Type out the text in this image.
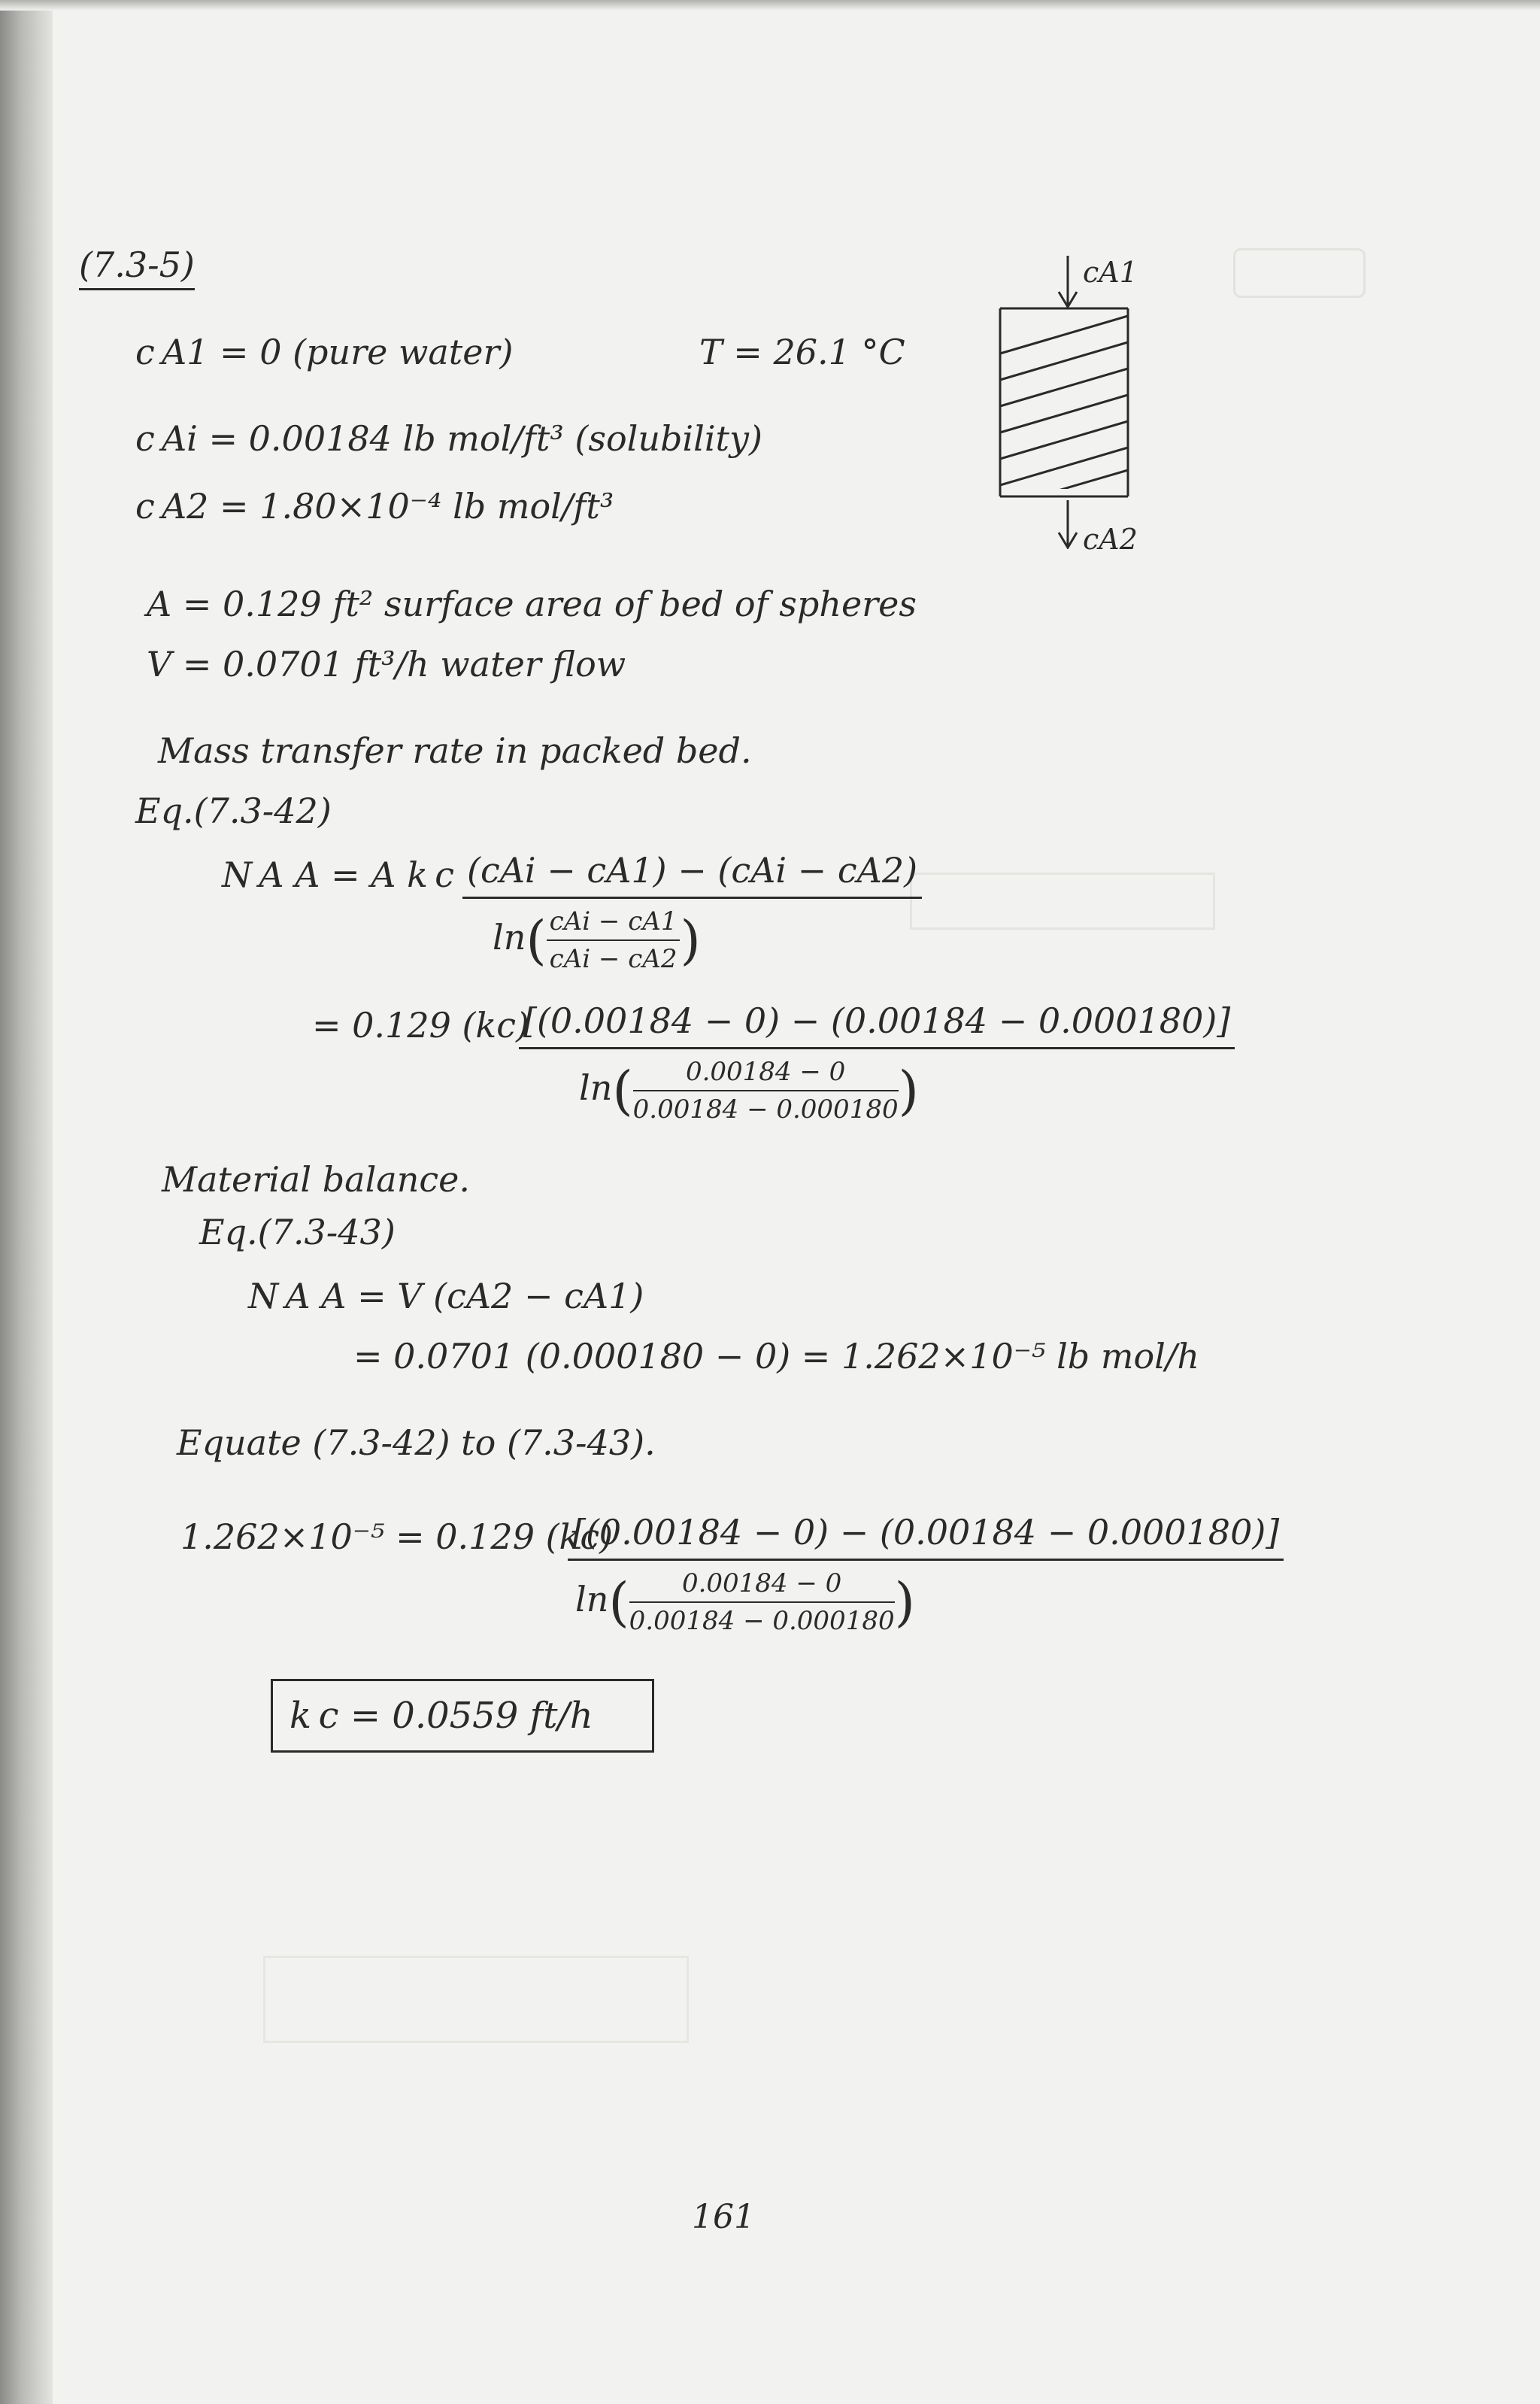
(7.3-5)
c A1 = 0 (pure water)	T = 26.1 °C
c Ai = 0.00184 lb mol/ft³ (solubility)
c A2 = 1.80×10⁻⁴ lb mol/ft³
A = 0.129 ft² surface area of bed of spheres
V = 0.0701 ft³/h water flow
cA1
cA2
Mass transfer rate in packed bed.
Eq.(7.3-42)
N A A = A k c (cAi − cA1) − (cAi − cA2)
$\ln( \frac{\text{cAi − cA1}}{\text{cAi − cA2}}$ )
= 0.129 (kc)
$\frac{[(0.00184 - 0) - (0.00184 - 0.000180)]}{\ln( \frac{0.00184 - 0}{0.00184 - 0.000180} )}$
Material balance.
Eq.(7.3-43)
N A A = V (cA2 − cA1)
= 0.0701 (0.000180 − 0) = 1.262×10⁻⁵ lb mol/h
Equate (7.3-42) to (7.3-43).
1.262×10⁻⁵ = 0.129 (kc)
$\frac{[(0.00184 - 0) - (0.00184 - 0.000180)]}{\ln( \frac{0.00184 - 0}{0.00184 - 0.000180} )}$
k c = 0.0559 ft/h
161
